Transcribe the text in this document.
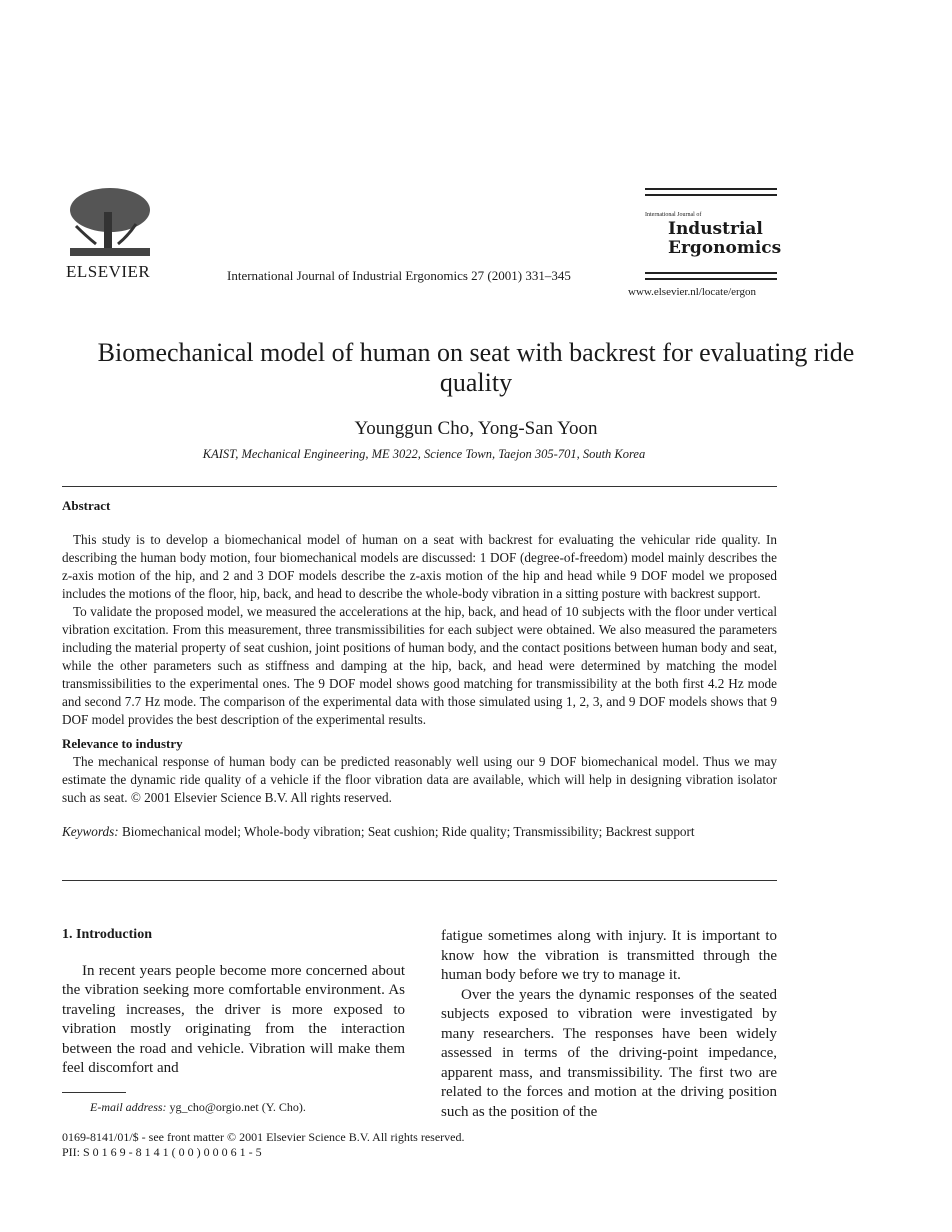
ELSEVIER	International Journal of Industrial Ergonomics 27 (2001) 331–345
International Journal of
Industrial
Ergonomics
www.elsevier.nl/locate/ergon
Biomechanical model of human on seat with backrest for evaluating ride quality
Younggun Cho, Yong-San Yoon
KAIST, Mechanical Engineering, ME 3022, Science Town, Taejon 305-701, South Korea
Abstract

This study is to develop a biomechanical model of human on a seat with backrest for evaluating the vehicular ride quality. In describing the human body motion, four biomechanical models are discussed: 1 DOF (degree-of-freedom) model mainly describes the z-axis motion of the hip, and 2 and 3 DOF models describe the z-axis motion of the hip and head while 9 DOF model we proposed includes the motions of the floor, hip, back, and head to describe the whole-body vibration in a sitting posture with backrest support.

To validate the proposed model, we measured the accelerations at the hip, back, and head of 10 subjects with the floor under vertical vibration excitation. From this measurement, three transmissibilities for each subject were obtained. We also measured the parameters including the material property of seat cushion, joint positions of human body, and the contact positions between human body and seat, while the other parameters such as stiffness and damping at the hip, back, and head were determined by matching the model transmissibilities to the experimental ones. The 9 DOF model shows good matching for transmissibility at the both first 4.2 Hz mode and second 7.7 Hz mode. The comparison of the experimental data with those simulated using 1, 2, 3, and 9 DOF models shows that 9 DOF model provides the best description of the experimental results.

Relevance to industry

The mechanical response of human body can be predicted reasonably well using our 9 DOF biomechanical model. Thus we may estimate the dynamic ride quality of a vehicle if the floor vibration data are available, which will help in designing vibration isolator such as seat. © 2001 Elsevier Science B.V. All rights reserved.

Keywords: Biomechanical model; Whole-body vibration; Seat cushion; Ride quality; Transmissibility; Backrest support

1. Introduction

In recent years people become more concerned about the vibration seeking more comfortable environment. As traveling increases, the driver is more exposed to vibration mostly originating from the interaction between the road and vehicle. Vibration will make them feel discomfort and

fatigue sometimes along with injury. It is important to know how the vibration is transmitted through the human body before we try to manage it.

Over the years the dynamic responses of the seated subjects exposed to vibration were investigated by many researchers. The responses have been widely assessed in terms of the driving-point impedance, apparent mass, and transmissibility. The first two are related to the forces and motion at the driving position such as the position of the

E-mail address: yg_cho@orgio.net (Y. Cho).
0169-8141/01/$ - see front matter © 2001 Elsevier Science B.V. All rights reserved.
PII: S 0 1 6 9 - 8 1 4 1 ( 0 0 ) 0 0 0 6 1 - 5
